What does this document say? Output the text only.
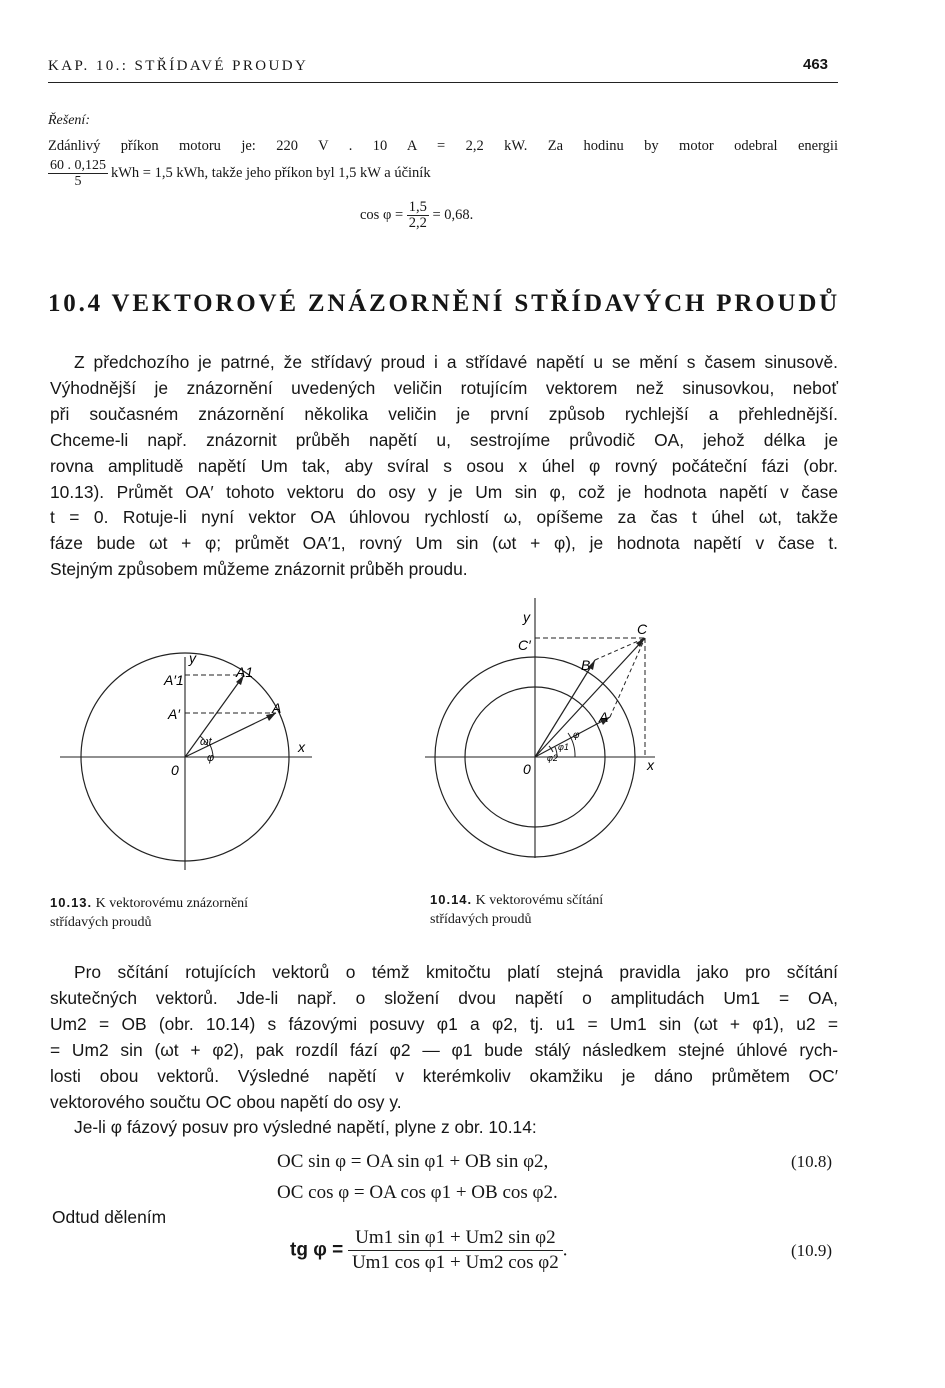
KAP. 10.: STŘÍDAVÉ PROUDY	463
Řešení:
Zdánlivý příkon motoru je: 220 V . 10 A = 2,2 kW. Za hodinu by motor odebral energii
$\frac{60 . 0,125}{5}$ kWh = 1,5 kWh, takže jeho příkon byl 1,5 kW a účiník
$\cos \varphi = \frac{1,5}{2,2} = 0,68$.
10.4 VEKTOROVÉ ZNÁZORNĚNÍ STŘÍDAVÝCH PROUDŮ
Z předchozího je patrné, že střídavý proud i a střídavé napětí u se mění s časem sinusově.
Výhodnější je znázornění uvedených veličin rotujícím vektorem než sinusovkou, neboť
při současném znázornění několika veličin je první způsob rychlejší a přehlednější.
Chceme-li např. znázornit průběh napětí u, sestrojíme průvodič OA, jehož délka je
rovna amplitudě napětí Um tak, aby svíral s osou x úhel φ rovný počáteční fázi (obr.
10.13). Průmět OA′ tohoto vektoru do osy y je Um sin φ, což je hodnota napětí v čase
t = 0. Rotuje-li nyní vektor OA úhlovou rychlostí ω, opíšeme za čas t úhel ωt, takže
fáze bude ωt + φ; průmět OA′1, rovný Um sin (ωt + φ), je hodnota napětí v čase t.
Stejným způsobem můžeme znázornit průběh proudu.
y
x
0
A
A1
A′
A′1
ωt
φ
10.13. K vektorovému znázornění
střídavých proudů
y
x
0
C
C′
B
A
φ
φ1
φ2
10.14. K vektorovému sčítání
střídavých proudů
Pro sčítání rotujících vektorů o témž kmitočtu platí stejná pravidla jako pro sčítání
skutečných vektorů. Jde-li např. o složení dvou napětí o amplitudách Um1 = OA,
Um2 = OB (obr. 10.14) s fázovými posuvy φ1 a φ2, tj. u1 = Um1 sin (ωt + φ1), u2 =
= Um2 sin (ωt + φ2), pak rozdíl fází φ2 — φ1 bude stálý následkem stejné úhlové rych-
losti obou vektorů. Výsledné napětí v kterémkoliv okamžiku je dáno průmětem OC′
vektorového součtu OC obou napětí do osy y.
Je-li φ fázový posuv pro výsledné napětí, plyne z obr. 10.14:
OC sin φ = OA sin φ1 + OB sin φ2,
OC cos φ = OA cos φ1 + OB cos φ2.
(10.8)
Odtud dělením
tg $\varphi = \frac{\text{Um1 sin φ1 + Um2 sin φ2}}{\text{Um1 cos φ1 + Um2 cos φ2}}$ .	(10.9)
